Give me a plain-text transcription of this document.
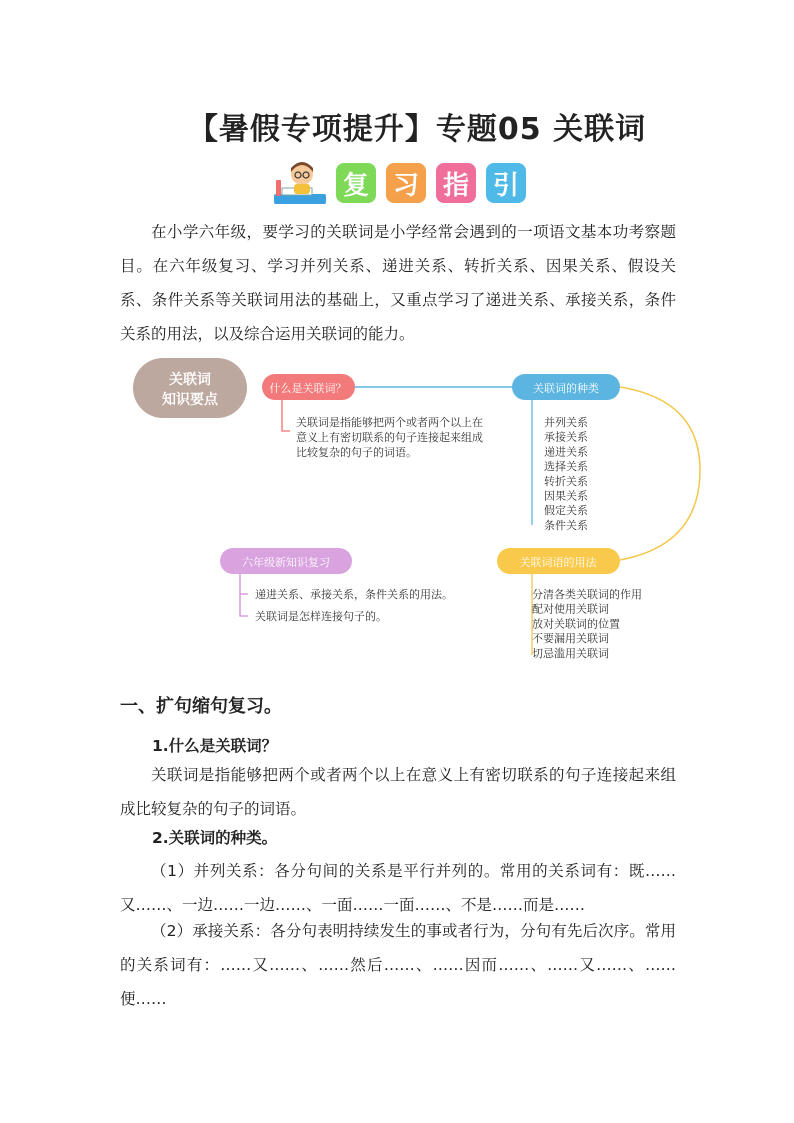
【暑假专项提升】专题05 关联词
复 习 指 引
在小学六年级，要学习的关联词是小学经常会遇到的一项语文基本功考察题目。在六年级复习、学习并列关系、递进关系、转折关系、因果关系、假设关系、条件关系等关联词用法的基础上，又重点学习了递进关系、承接关系，条件关系的用法，以及综合运用关联词的能力。
关联词
知识要点
什么是关联词？
关联词是指能够把两个或者两个以上在
意义上有密切联系的句子连接起来组成
比较复杂的句子的词语。
关联词的种类
并列关系
承接关系
递进关系
选择关系
转折关系
因果关系
假定关系
条件关系
关联词语的用法
分清各类关联词的作用
配对使用关联词
放对关联词的位置
不要漏用关联词
切忌滥用关联词
六年级新知识复习
递进关系、承接关系，条件关系的用法。
关联词是怎样连接句子的。
一、扩句缩句复习。
1.什么是关联词？
关联词是指能够把两个或者两个以上在意义上有密切联系的句子连接起来组成比较复杂的句子的词语。
2.关联词的种类。
（1）并列关系：各分句间的关系是平行并列的。常用的关系词有：既……又……、一边……一边……、一面……一面……、不是……而是……
（2）承接关系：各分句表明持续发生的事或者行为，分句有先后次序。常用的关系词有：……又……、……然后……、……因而……、……又……、……便……
